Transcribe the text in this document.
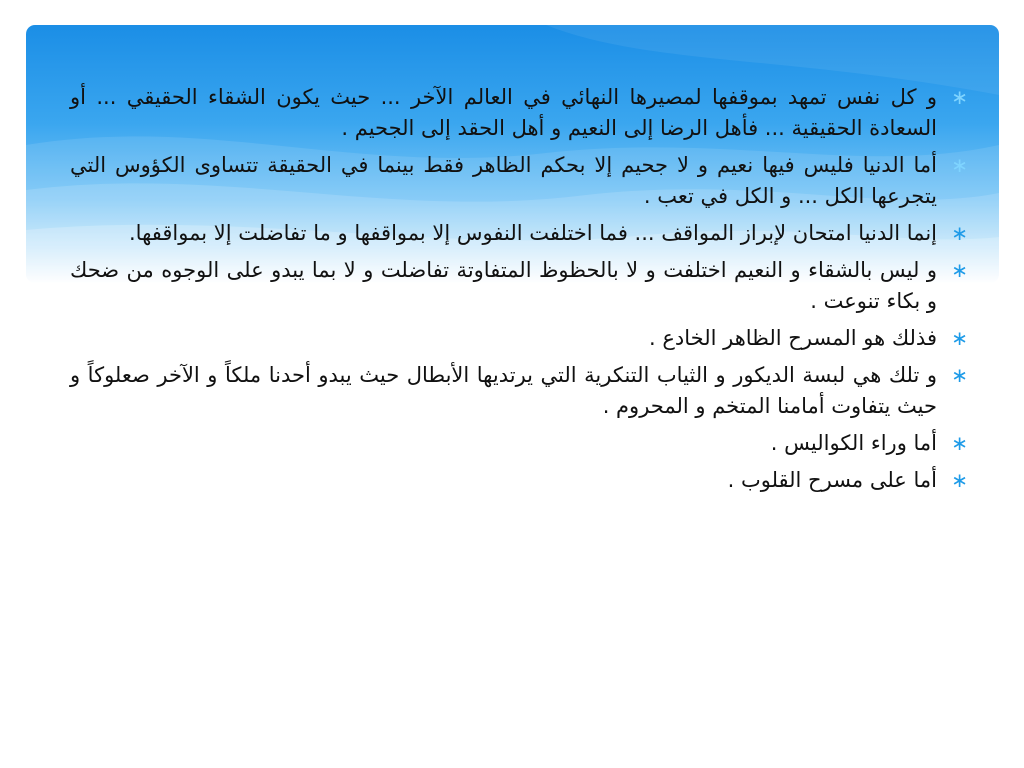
∗
و كل نفس تمهد بموقفها لمصيرها النهائي في العالم الآخر ... حيث يكون الشقاء الحقيقي ... أو السعادة الحقيقية ... فأهل الرضا إلى النعيم و أهل الحقد إلى الجحيم .
∗
أما الدنيا فليس فيها نعيم و لا جحيم إلا بحكم الظاهر فقط بينما في الحقيقة تتساوى الكؤوس التي يتجرعها الكل ... و الكل في تعب .
∗
إنما الدنيا امتحان لإبراز المواقف ... فما اختلفت النفوس إلا بمواقفها و ما تفاضلت إلا بمواقفها.
∗
و ليس بالشقاء و النعيم اختلفت و لا بالحظوظ المتفاوتة تفاضلت و لا بما يبدو على الوجوه من ضحك و بكاء تنوعت .
∗
فذلك هو المسرح الظاهر الخادع .
∗
و تلك هي لبسة الديكور و الثياب التنكرية التي يرتديها الأبطال حيث يبدو أحدنا ملكاً و الآخر صعلوكاً و حيث يتفاوت أمامنا المتخم و المحروم .
∗
أما وراء الكواليس .
∗
أما على مسرح القلوب .
